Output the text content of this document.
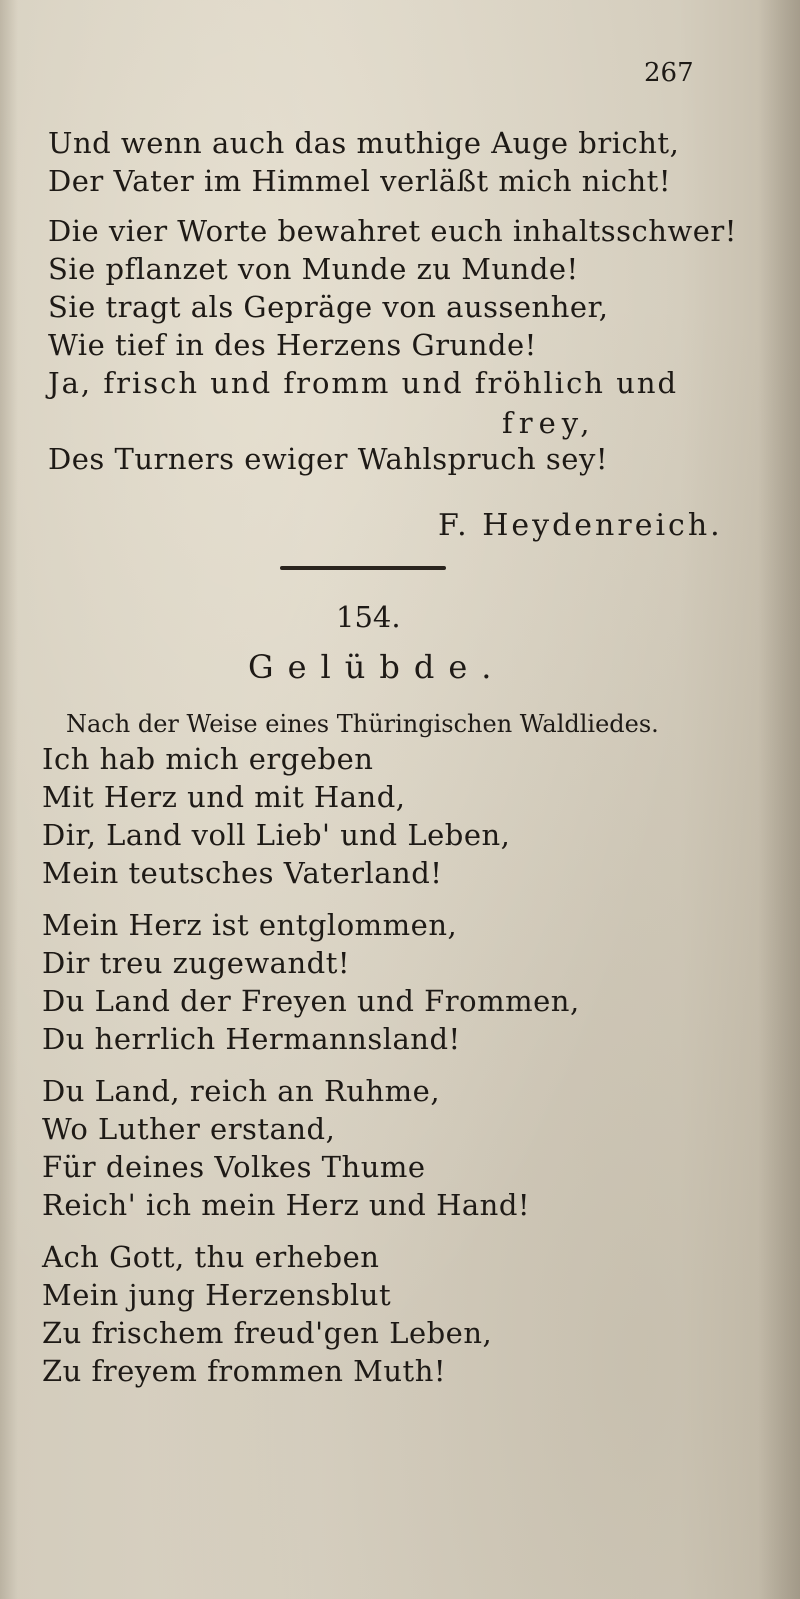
267
Und wenn auch das muthige Auge bricht,
Der Vater im Himmel verläßt mich nicht!
Die vier Worte bewahret euch inhaltsschwer!
Sie pflanzet von Munde zu Munde!
Sie tragt als Gepräge von aussenher,
Wie tief in des Herzens Grunde!
Ja, frisch und fromm und fröhlich und
frey,
Des Turners ewiger Wahlspruch sey!
F. Heydenreich.
154.
Gelübde.
Nach der Weise eines Thüringischen Waldliedes.
Ich hab mich ergeben
Mit Herz und mit Hand,
Dir, Land voll Lieb' und Leben,
Mein teutsches Vaterland!
Mein Herz ist entglommen,
Dir treu zugewandt!
Du Land der Freyen und Frommen,
Du herrlich Hermannsland!
Du Land, reich an Ruhme,
Wo Luther erstand,
Für deines Volkes Thume
Reich' ich mein Herz und Hand!
Ach Gott, thu erheben
Mein jung Herzensblut
Zu frischem freud'gen Leben,
Zu freyem frommen Muth!
